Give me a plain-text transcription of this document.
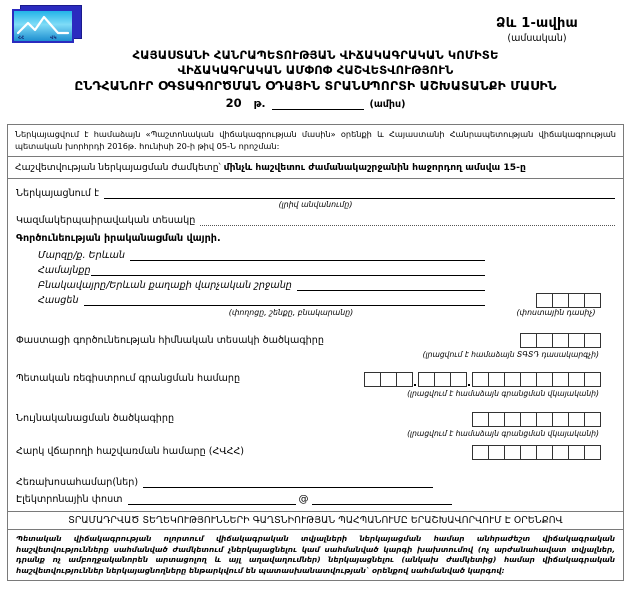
ՀՀ	ՎԿ
Ձև 1-ավիա
(ամսական)
ՀԱՅԱՍՏԱՆԻ ՀԱՆՐԱՊԵՏՈՒԹՅԱՆ ՎԻՃԱԿԱԳՐԱԿԱՆ ԿՈՄԻՏԵ
ՎԻՃԱԿԱԳՐԱԿԱՆ ԱՄՓՈՓ ՀԱՇՎԵՏՎՈՒԹՅՈՒՆ
ԸՆԴՀԱՆՈՒՐ ՕԳՏԱԳՈՐԾՄԱՆ ՕԴԱՅԻՆ ՏՐԱՆՍՊՈՐՏԻ ԱՇԽԱՏԱՆՔԻ ՄԱՍԻՆ
20	թ.	(ամիս)
Ներկայացվում է համաձայն «Պաշտոնական վիճակագրության մասին» օրենքի և Հայաստանի Հանրապետության վիճակագրության պետական խորհրդի 2016թ. հունիսի 20-ի թիվ 05-Ն որոշման:
Հաշվետվության ներկայացման ժամկետը՝ մինչև հաշվետու ժամանակաշրջանին հաջորդող ամսվա 15-ը
Ներկայացնում է
(լրիվ անվանումը)
Կազմակերպաիրավական տեսակը
Գործունեության իրականացման վայրի.
Մարզը/ք. Երևան
Համայնքը
Բնակավայրը/Երևան քաղաքի վարչական շրջանը
Հասցեն
(փողոցը, շենքը, բնակարանը)	(փոստային դասիչ)
Փաստացի գործունեության հիմնական տեսակի ծածկագիրը
(լրացվում է համաձայն ՏԳՏԴ դասակարգչի)
Պետական ռեգիստրում գրանցման համարը
(լրացվում է համաձայն գրանցման վկայականի)
Նույնականացման ծածկագիրը
(լրացվում է համաձայն գրանցման վկայականի)
Հարկ վճարողի հաշվառման համարը (ՀՎՀՀ)
Հեռախոսահամար(ներ)
Էլեկտրոնային փոստ	@
ՏՐԱՄԱԴՐՎԱԾ ՏԵՂԵԿՈՒԹՅՈՒՆՆԵՐԻ ԳԱՂՏՆԻՈՒԹՅԱՆ ՊԱՀՊԱՆՈՒՄԸ ԵՐԱՇԽԱՎՈՐՎՈՒՄ Է ՕՐԵՆՔՈՎ
Պետական վիճակագրության ոլորտում վիճակագրական տվյալների ներկայացման համար անհրաժեշտ վիճակագրական հաշվետվությունները սահմանված ժամկետում չներկայացնելու կամ սահմանված կարգի խախտումով (ոչ արժանահավատ տվյալներ, դրանք ոչ ամբողջականորեն արտացոլող և այլ աղավաղումներ) ներկայացնելու (անկախ ժամկետից) համար վիճակագրական հաշվետվություններ ներկայացնողները ենթարկվում են պատասխանատվության` օրենքով սահմանված կարգով:
